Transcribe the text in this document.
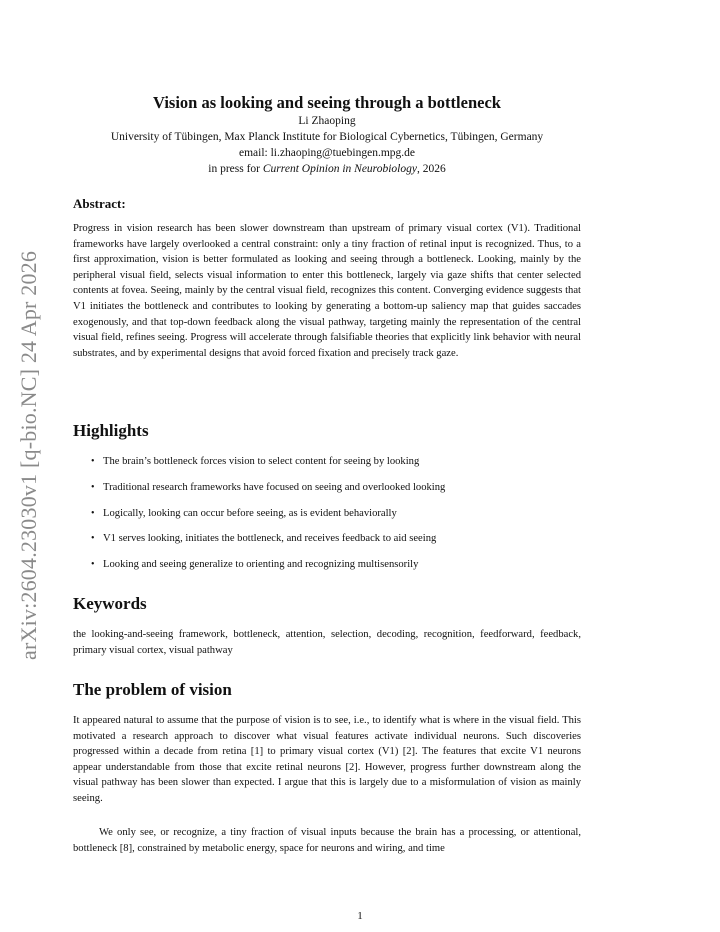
arXiv:2604.23030v1 [q-bio.NC] 24 Apr 2026
Vision as looking and seeing through a bottleneck
Li Zhaoping
University of Tübingen, Max Planck Institute for Biological Cybernetics, Tübingen, Germany
email: li.zhaoping@tuebingen.mpg.de
in press for Current Opinion in Neurobiology, 2026
Abstract:
Progress in vision research has been slower downstream than upstream of primary visual cortex (V1). Traditional frameworks have largely overlooked a central constraint: only a tiny fraction of retinal input is recognized. Thus, to a first approximation, vision is better formulated as looking and seeing through a bottleneck. Looking, mainly by the peripheral visual field, selects visual information to enter this bottleneck, largely via gaze shifts that center selected contents at fovea. Seeing, mainly by the central visual field, recognizes this content. Converging evidence suggests that V1 initiates the bottleneck and contributes to looking by generating a bottom-up saliency map that guides saccades exogenously, and that top-down feedback along the visual pathway, targeting mainly the representation of the central visual field, refines seeing. Progress will accelerate through falsifiable theories that explicitly link behavior with neural substrates, and by experimental designs that avoid forced fixation and precisely track gaze.
Highlights
• The brain’s bottleneck forces vision to select content for seeing by looking
• Traditional research frameworks have focused on seeing and overlooked looking
• Logically, looking can occur before seeing, as is evident behaviorally
• V1 serves looking, initiates the bottleneck, and receives feedback to aid seeing
• Looking and seeing generalize to orienting and recognizing multisensorily
Keywords
the looking-and-seeing framework, bottleneck, attention, selection, decoding, recognition, feedforward, feedback, primary visual cortex, visual pathway
The problem of vision
It appeared natural to assume that the purpose of vision is to see, i.e., to identify what is where in the visual field. This motivated a research approach to discover what visual features activate individual neurons. Such discoveries progressed within a decade from retina [1] to primary visual cortex (V1) [2]. The features that excite V1 neurons appear understandable from those that excite retinal neurons [2]. However, progress further downstream along the visual pathway has been slower than expected. I argue that this is largely due to a misformulation of vision as mainly seeing.
We only see, or recognize, a tiny fraction of visual inputs because the brain has a processing, or attentional, bottleneck [8], constrained by metabolic energy, space for neurons and wiring, and time
1
